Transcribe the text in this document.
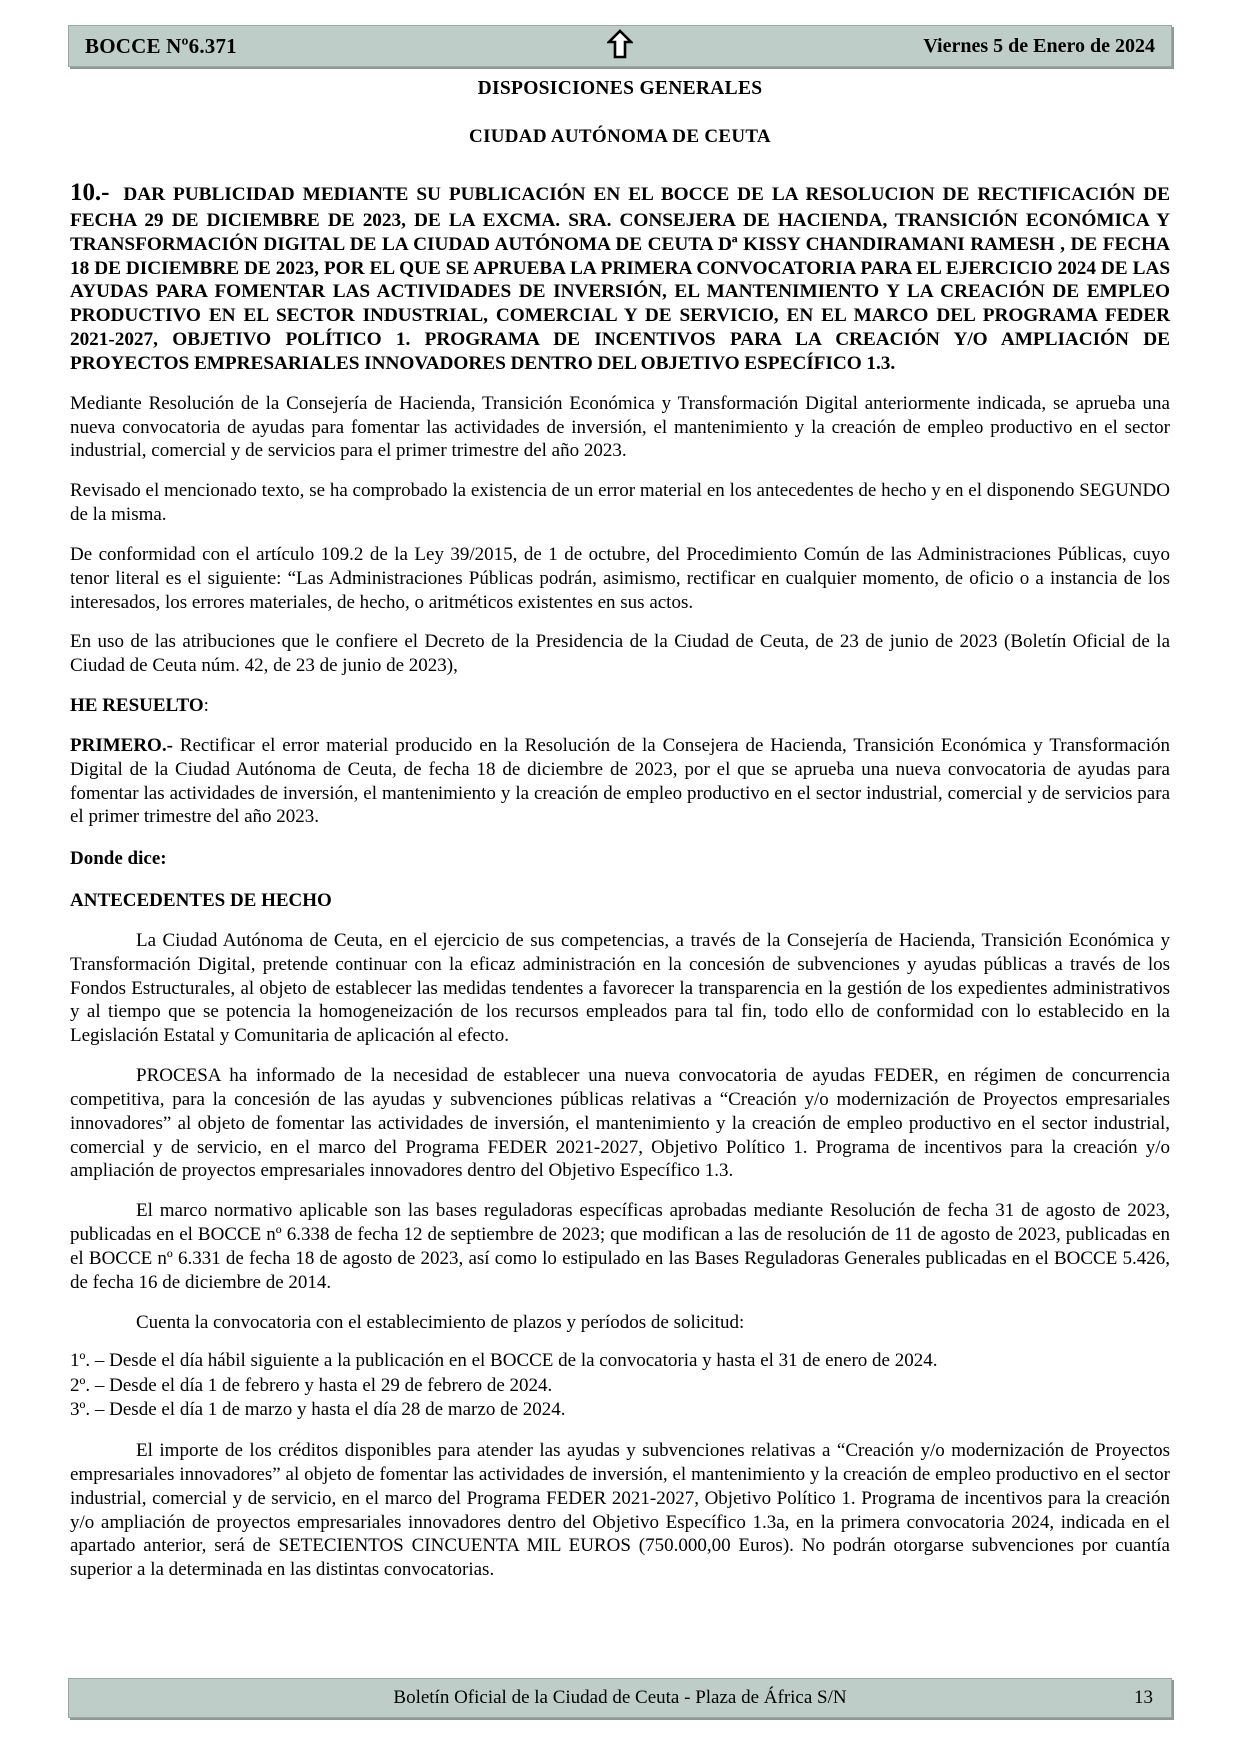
BOCCE Nº6.371	Viernes 5 de Enero de 2024
DISPOSICIONES GENERALES
CIUDAD AUTÓNOMA DE CEUTA
10.- DAR PUBLICIDAD MEDIANTE SU PUBLICACIÓN EN EL BOCCE DE LA RESOLUCION DE RECTIFICACIÓN DE FECHA 29 DE DICIEMBRE DE 2023, DE LA EXCMA. SRA. CONSEJERA DE HACIENDA, TRANSICIÓN ECONÓMICA Y TRANSFORMACIÓN DIGITAL DE LA CIUDAD AUTÓNOMA DE CEUTA Dª KISSY CHANDIRAMANI RAMESH , DE FECHA 18 DE DICIEMBRE DE 2023, POR EL QUE SE APRUEBA LA PRIMERA CONVOCATORIA PARA EL EJERCICIO 2024 DE LAS AYUDAS PARA FOMENTAR LAS ACTIVIDADES DE INVERSIÓN, EL MANTENIMIENTO Y LA CREACIÓN DE EMPLEO PRODUCTIVO EN EL SECTOR INDUSTRIAL, COMERCIAL Y DE SERVICIO, EN EL MARCO DEL PROGRAMA FEDER 2021-2027, OBJETIVO POLÍTICO 1. PROGRAMA DE INCENTIVOS PARA LA CREACIÓN Y/O AMPLIACIÓN DE PROYECTOS EMPRESARIALES INNOVADORES DENTRO DEL OBJETIVO ESPECÍFICO 1.3.

Mediante Resolución de la Consejería de Hacienda, Transición Económica y Transformación Digital anteriormente indicada, se aprueba una nueva convocatoria de ayudas para fomentar las actividades de inversión, el mantenimiento y la creación de empleo productivo en el sector industrial, comercial y de servicios para el primer trimestre del año 2023.

Revisado el mencionado texto, se ha comprobado la existencia de un error material en los antecedentes de hecho y en el disponendo SEGUNDO de la misma.

De conformidad con el artículo 109.2 de la Ley 39/2015, de 1 de octubre, del Procedimiento Común de las Administraciones Públicas, cuyo tenor literal es el siguiente: “Las Administraciones Públicas podrán, asimismo, rectificar en cualquier momento, de oficio o a instancia de los interesados, los errores materiales, de hecho, o aritméticos existentes en sus actos.

En uso de las atribuciones que le confiere el Decreto de la Presidencia de la Ciudad de Ceuta, de 23 de junio de 2023 (Boletín Oficial de la Ciudad de Ceuta núm. 42, de 23 de junio de 2023),

HE RESUELTO:

PRIMERO.- Rectificar el error material producido en la Resolución de la Consejera de Hacienda, Transición Económica y Transformación Digital de la Ciudad Autónoma de Ceuta, de fecha 18 de diciembre de 2023, por el que se aprueba una nueva convocatoria de ayudas para fomentar las actividades de inversión, el mantenimiento y la creación de empleo productivo en el sector industrial, comercial y de servicios para el primer trimestre del año 2023.

Donde dice:

ANTECEDENTES DE HECHO

La Ciudad Autónoma de Ceuta, en el ejercicio de sus competencias, a través de la Consejería de Hacienda, Transición Económica y Transformación Digital, pretende continuar con la eficaz administración en la concesión de subvenciones y ayudas públicas a través de los Fondos Estructurales, al objeto de establecer las medidas tendentes a favorecer la transparencia en la gestión de los expedientes administrativos y al tiempo que se potencia la homogeneización de los recursos empleados para tal fin, todo ello de conformidad con lo establecido en la Legislación Estatal y Comunitaria de aplicación al efecto.

PROCESA ha informado de la necesidad de establecer una nueva convocatoria de ayudas FEDER, en régimen de concurrencia competitiva, para la concesión de las ayudas y subvenciones públicas relativas a “Creación y/o modernización de Proyectos empresariales innovadores” al objeto de fomentar las actividades de inversión, el mantenimiento y la creación de empleo productivo en el sector industrial, comercial y de servicio, en el marco del Programa FEDER 2021-2027, Objetivo Político 1. Programa de incentivos para la creación y/o ampliación de proyectos empresariales innovadores dentro del Objetivo Específico 1.3.

El marco normativo aplicable son las bases reguladoras específicas aprobadas mediante Resolución de fecha 31 de agosto de 2023, publicadas en el BOCCE nº 6.338 de fecha 12 de septiembre de 2023; que modifican a las de resolución de 11 de agosto de 2023, publicadas en el BOCCE nº 6.331 de fecha 18 de agosto de 2023, así como lo estipulado en las Bases Reguladoras Generales publicadas en el BOCCE 5.426, de fecha 16 de diciembre de 2014.

Cuenta la convocatoria con el establecimiento de plazos y períodos de solicitud:

1º. – Desde el día hábil siguiente a la publicación en el BOCCE de la convocatoria y hasta el 31 de enero de 2024.

2º. – Desde el día 1 de febrero y hasta el 29 de febrero de 2024.

3º. – Desde el día 1 de marzo y hasta el día 28 de marzo de 2024.

El importe de los créditos disponibles para atender las ayudas y subvenciones relativas a “Creación y/o modernización de Proyectos empresariales innovadores” al objeto de fomentar las actividades de inversión, el mantenimiento y la creación de empleo productivo en el sector industrial, comercial y de servicio, en el marco del Programa FEDER 2021-2027, Objetivo Político 1. Programa de incentivos para la creación y/o ampliación de proyectos empresariales innovadores dentro del Objetivo Específico 1.3a, en la primera convocatoria 2024, indicada en el apartado anterior, será de SETECIENTOS CINCUENTA MIL EUROS (750.000,00 Euros). No podrán otorgarse subvenciones por cuantía superior a la determinada en las distintas convocatorias.

Boletín Oficial de la Ciudad de Ceuta - Plaza de África S/N	13
